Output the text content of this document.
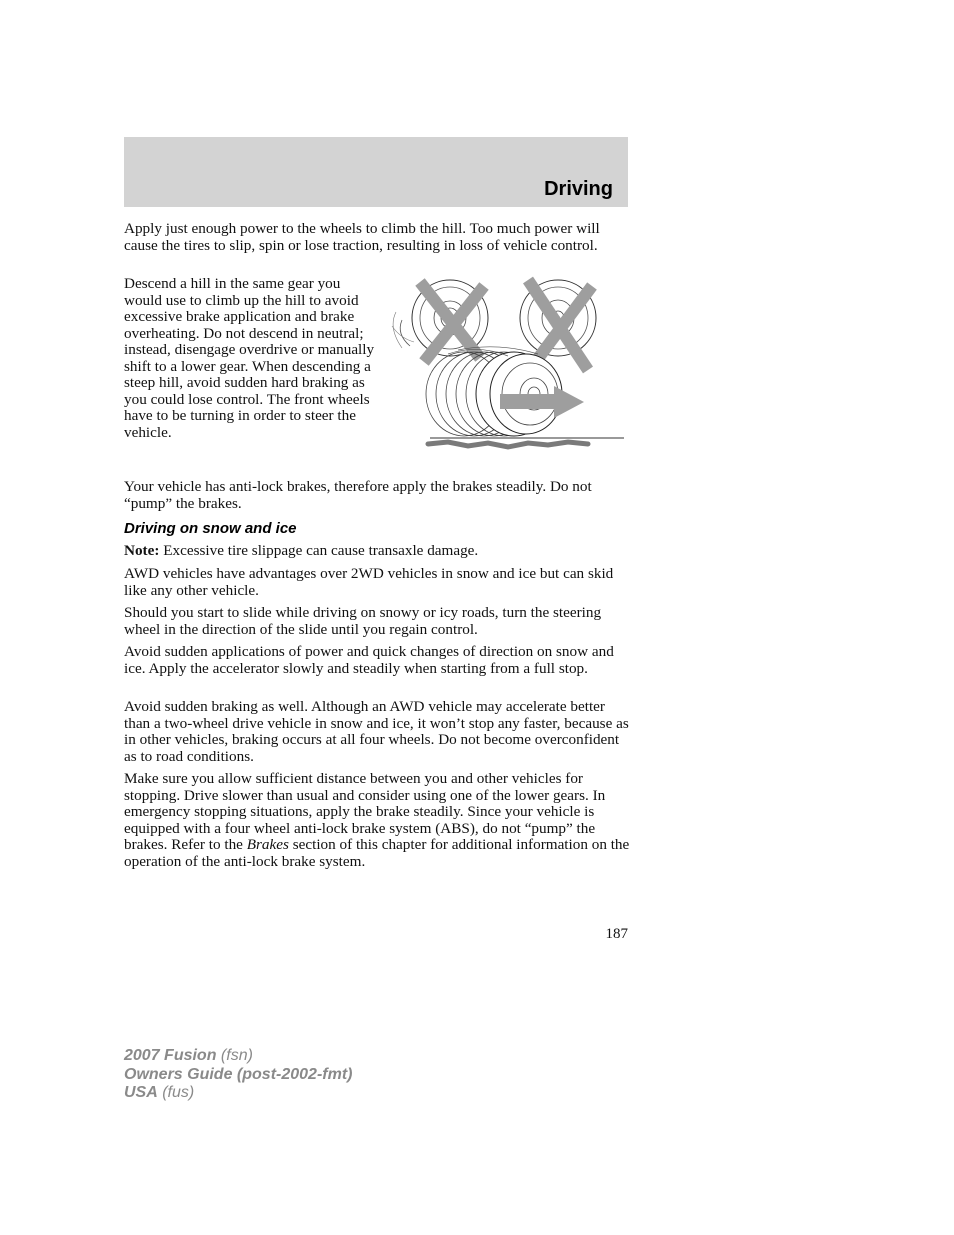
Driving

Apply just enough power to the wheels to climb the hill. Too much power will cause the tires to slip, spin or lose traction, resulting in loss of vehicle control.

Descend a hill in the same gear you would use to climb up the hill to avoid excessive brake application and brake overheating. Do not descend in neutral; instead, disengage overdrive or manually shift to a lower gear. When descending a steep hill, avoid sudden hard braking as you could lose control. The front wheels have to be turning in order to steer the vehicle.

Your vehicle has anti-lock brakes, therefore apply the brakes steadily. Do not “pump” the brakes.

Driving on snow and ice

Note: Excessive tire slippage can cause transaxle damage.

AWD vehicles have advantages over 2WD vehicles in snow and ice but can skid like any other vehicle.

Should you start to slide while driving on snowy or icy roads, turn the steering wheel in the direction of the slide until you regain control.

Avoid sudden applications of power and quick changes of direction on snow and ice. Apply the accelerator slowly and steadily when starting from a full stop.

Avoid sudden braking as well. Although an AWD vehicle may accelerate better than a two-wheel drive vehicle in snow and ice, it won’t stop any faster, because as in other vehicles, braking occurs at all four wheels. Do not become overconfident as to road conditions.

Make sure you allow sufficient distance between you and other vehicles for stopping. Drive slower than usual and consider using one of the lower gears. In emergency stopping situations, apply the brake steadily. Since your vehicle is equipped with a four wheel anti-lock brake system (ABS), do not “pump” the brakes. Refer to the Brakes section of this chapter for additional information on the operation of the anti-lock brake system.

187
2007 Fusion (fsn)
Owners Guide (post-2002-fmt)
USA (fus)
